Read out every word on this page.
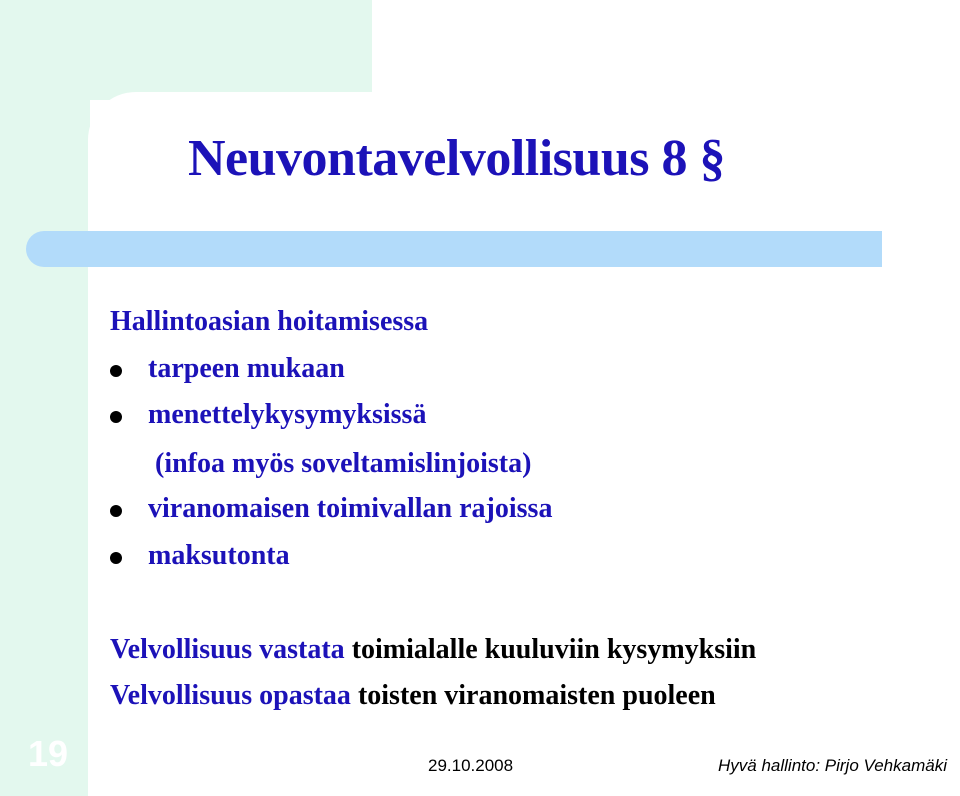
Neuvontavelvollisuus 8 §

Hallintoasian hoitamisessa

tarpeen mukaan

menettelykysymyksissä

(infoa myös soveltamislinjoista)

viranomaisen toimivallan rajoissa

maksutonta

Velvollisuus vastata toimialalle kuuluviin kysymyksiin

Velvollisuus opastaa toisten viranomaisten puoleen

19	29.10.2008	Hyvä hallinto: Pirjo Vehkamäki
